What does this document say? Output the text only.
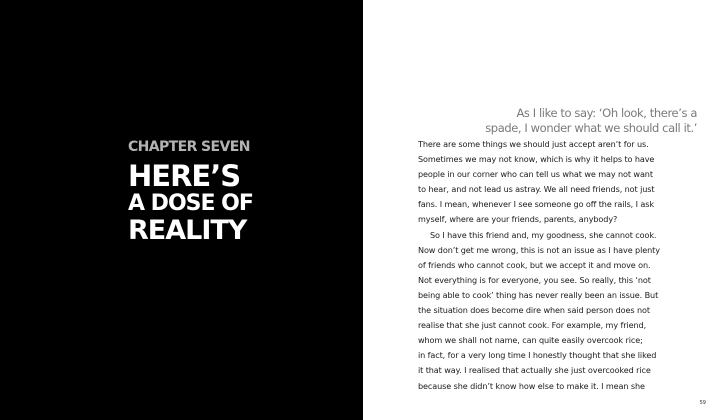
CHAPTER SEVEN
HERE’S
A DOSE OF
REALITY
As I like to say: ‘Oh look, there’s a
spade, I wonder what we should call it.’
There are some things we should just accept aren’t for us.
Sometimes we may not know, which is why it helps to have
people in our corner who can tell us what we may not want
to hear, and not lead us astray. We all need friends, not just
fans. I mean, whenever I see someone go off the rails, I ask
myself, where are your friends, parents, anybody?
So I have this friend and, my goodness, she cannot cook.
Now don’t get me wrong, this is not an issue as I have plenty
of friends who cannot cook, but we accept it and move on.
Not everything is for everyone, you see. So really, this ‘not
being able to cook’ thing has never really been an issue. But
the situation does become dire when said person does not
realise that she just cannot cook. For example, my friend,
whom we shall not name, can quite easily overcook rice;
in fact, for a very long time I honestly thought that she liked
it that way. I realised that actually she just overcooked rice
because she didn’t know how else to make it. I mean she
59
